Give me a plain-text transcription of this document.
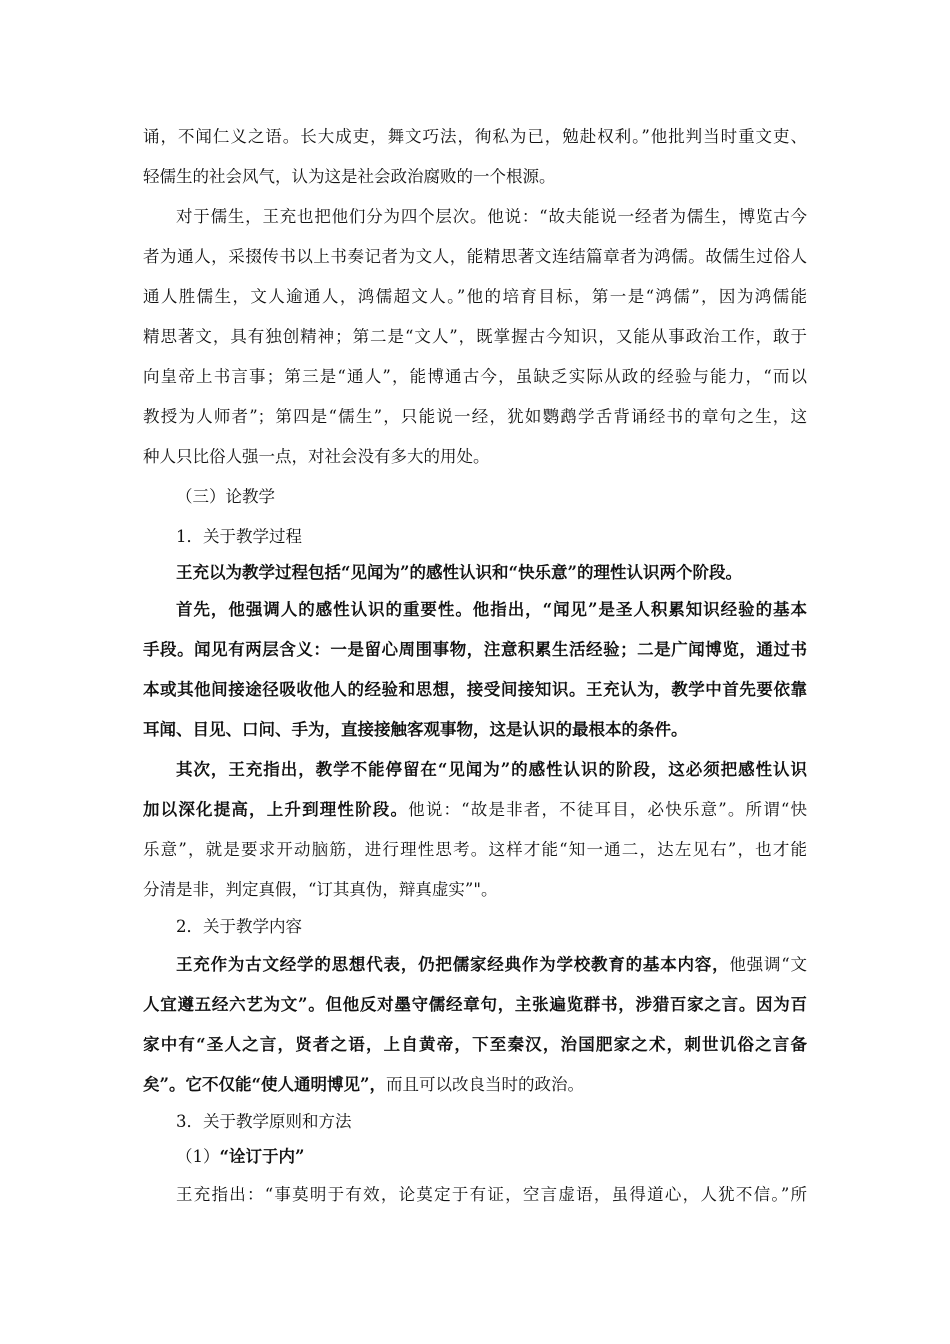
诵，不闻仁义之语。长大成吏，舞文巧法，徇私为已，勉赴权利。”他批判当时重文吏、
轻儒生的社会风气，认为这是社会政治腐败的一个根源。
对于儒生，王充也把他们分为四个层次。他说：“故夫能说一经者为儒生，博览古今
者为通人，采掇传书以上书奏记者为文人，能精思著文连结篇章者为鸿儒。故儒生过俗人
通人胜儒生，文人逾通人，鸿儒超文人。”他的培育目标，第一是“鸿儒”，因为鸿儒能
精思著文，具有独创精神；第二是“文人”，既掌握古今知识，又能从事政治工作，敢于
向皇帝上书言事；第三是“通人”，能博通古今，虽缺乏实际从政的经验与能力，“而以
教授为人师者”；第四是“儒生”，只能说一经，犹如鹦鹉学舌背诵经书的章句之生，这
种人只比俗人强一点，对社会没有多大的用处。
（三）论教学
1．关于教学过程
王充以为教学过程包括“见闻为”的感性认识和“快乐意”的理性认识两个阶段。
首先，他强调人的感性认识的重要性。他指出，“闻见”是圣人积累知识经验的基本
手段。闻见有两层含义：一是留心周围事物，注意积累生活经验；二是广闻博览，通过书
本或其他间接途径吸收他人的经验和思想，接受间接知识。王充认为，教学中首先要依靠
耳闻、目见、口问、手为，直接接触客观事物，这是认识的最根本的条件。
其次，王充指出，教学不能停留在“见闻为”的感性认识的阶段，这必须把感性认识
加以深化提高，上升到理性阶段。他说：“故是非者，不徒耳目，必快乐意”。所谓“快
乐意”，就是要求开动脑筋，进行理性思考。这样才能“知一通二，达左见右”，也才能
分清是非，判定真假，“订其真伪，辩真虚实”"。
2．关于教学内容
王充作为古文经学的思想代表，仍把儒家经典作为学校教育的基本内容，他强调“文
人宜遵五经六艺为文”。但他反对墨守儒经章句，主张遍览群书，涉猎百家之言。因为百
家中有“圣人之言，贤者之语，上自黄帝，下至秦汉，治国肥家之术，刺世讥俗之言备
矣”。它不仅能“使人通明博见”，而且可以改良当时的政治。
3．关于教学原则和方法
（1）“诠订于内”
王充指出：“事莫明于有效，论莫定于有证，空言虚语，虽得道心，人犹不信。”所
